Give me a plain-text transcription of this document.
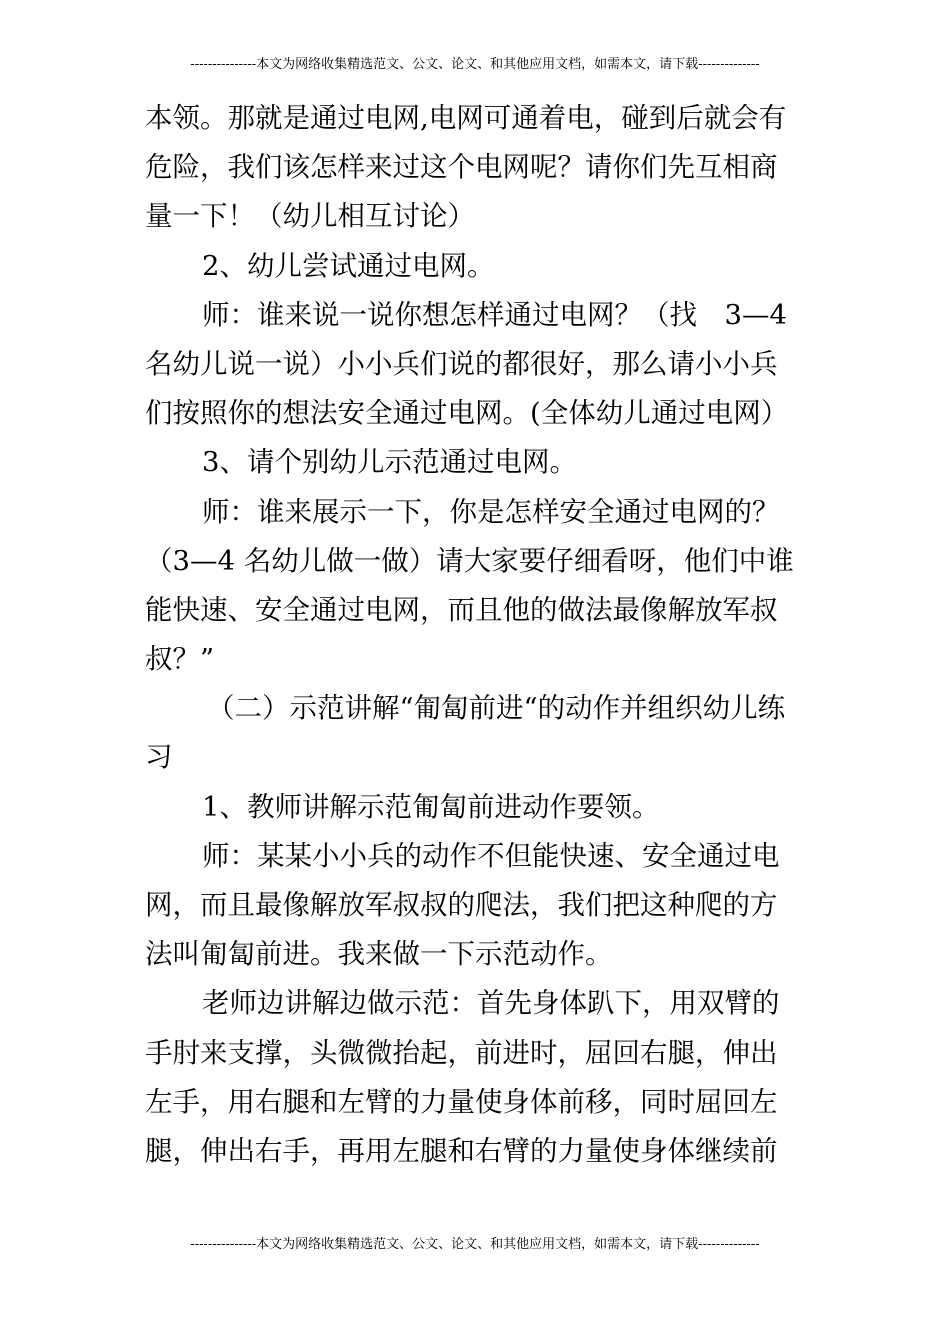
---------------本文为网络收集精选范文、公文、论文、和其他应用文档，如需本文，请下载--------------
本领。那就是通过电网,电网可通着电，碰到后就会有
危险，我们该怎样来过这个电网呢？请你们先互相商
量一下！（幼儿相互讨论）
2、幼儿尝试通过电网。
师：谁来说一说你想怎样通过电网？（找　3—4
名幼儿说一说）小小兵们说的都很好，那么请小小兵
们按照你的想法安全通过电网。(全体幼儿通过电网）
3、请个别幼儿示范通过电网。
师：谁来展示一下，你是怎样安全通过电网的？
（3—4 名幼儿做一做）请大家要仔细看呀，他们中谁
能快速、安全通过电网，而且他的做法最像解放军叔
叔？”
（二）示范讲解“匍匐前进“的动作并组织幼儿练
习
1、教师讲解示范匍匐前进动作要领。
师：某某小小兵的动作不但能快速、安全通过电
网，而且最像解放军叔叔的爬法，我们把这种爬的方
法叫匍匐前进。我来做一下示范动作。
老师边讲解边做示范：首先身体趴下，用双臂的
手肘来支撑，头微微抬起，前进时，屈回右腿，伸出
左手，用右腿和左臂的力量使身体前移，同时屈回左
腿，伸出右手，再用左腿和右臂的力量使身体继续前
---------------本文为网络收集精选范文、公文、论文、和其他应用文档，如需本文，请下载--------------
